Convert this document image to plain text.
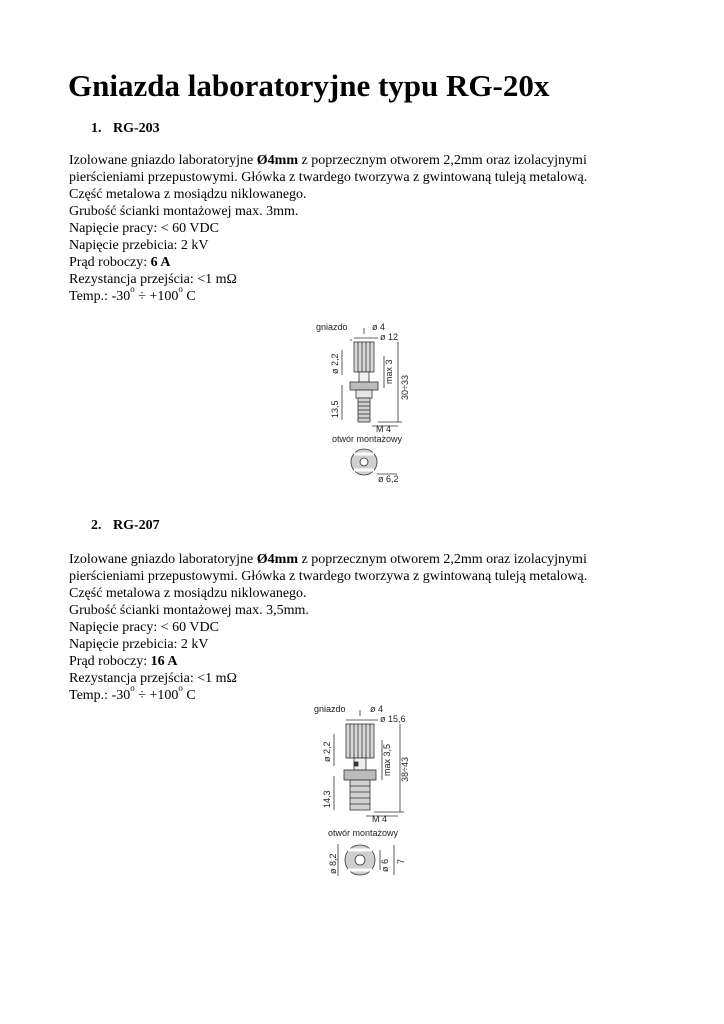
Gniazda laboratoryjne typu RG-20x
1. RG-203
Izolowane gniazdo laboratoryjne Ø4mm z poprzecznym otworem 2,2mm oraz izolacyjnymi
pierścieniami przepustowymi. Główka z twardego tworzywa z gwintowaną tuleją metalową.
Część metalowa z mosiądzu niklowanego.
Grubość ścianki montażowej max. 3mm.
Napięcie pracy: < 60 VDC
Napięcie przebicia: 2 kV
Prąd roboczy: 6 A
Rezystancja przejścia: <1 mΩ
Temp.: $-30^o \div +100^o$ C
gniazdo	ø 4
ø 12
ø 2,2	max 3
30÷33
13,5
M 4
otwór montażowy
ø 6,2
2. RG-207
Izolowane gniazdo laboratoryjne Ø4mm z poprzecznym otworem 2,2mm oraz izolacyjnymi
pierścieniami przepustowymi. Główka z twardego tworzywa z gwintowaną tuleją metalową.
Część metalowa z mosiądzu niklowanego.
Grubość ścianki montażowej max. 3,5mm.
Napięcie pracy: < 60 VDC
Napięcie przebicia: 2 kV
Prąd roboczy: 16 A
Rezystancja przejścia: <1 mΩ
Temp.: $-30^o \div +100^o$ C
gniazdo	ø 4
ø 15,6
ø 2,2	max 3,5 38÷43
14,3
M 4
otwór montażowy
ø 8,2	ø 6 7
